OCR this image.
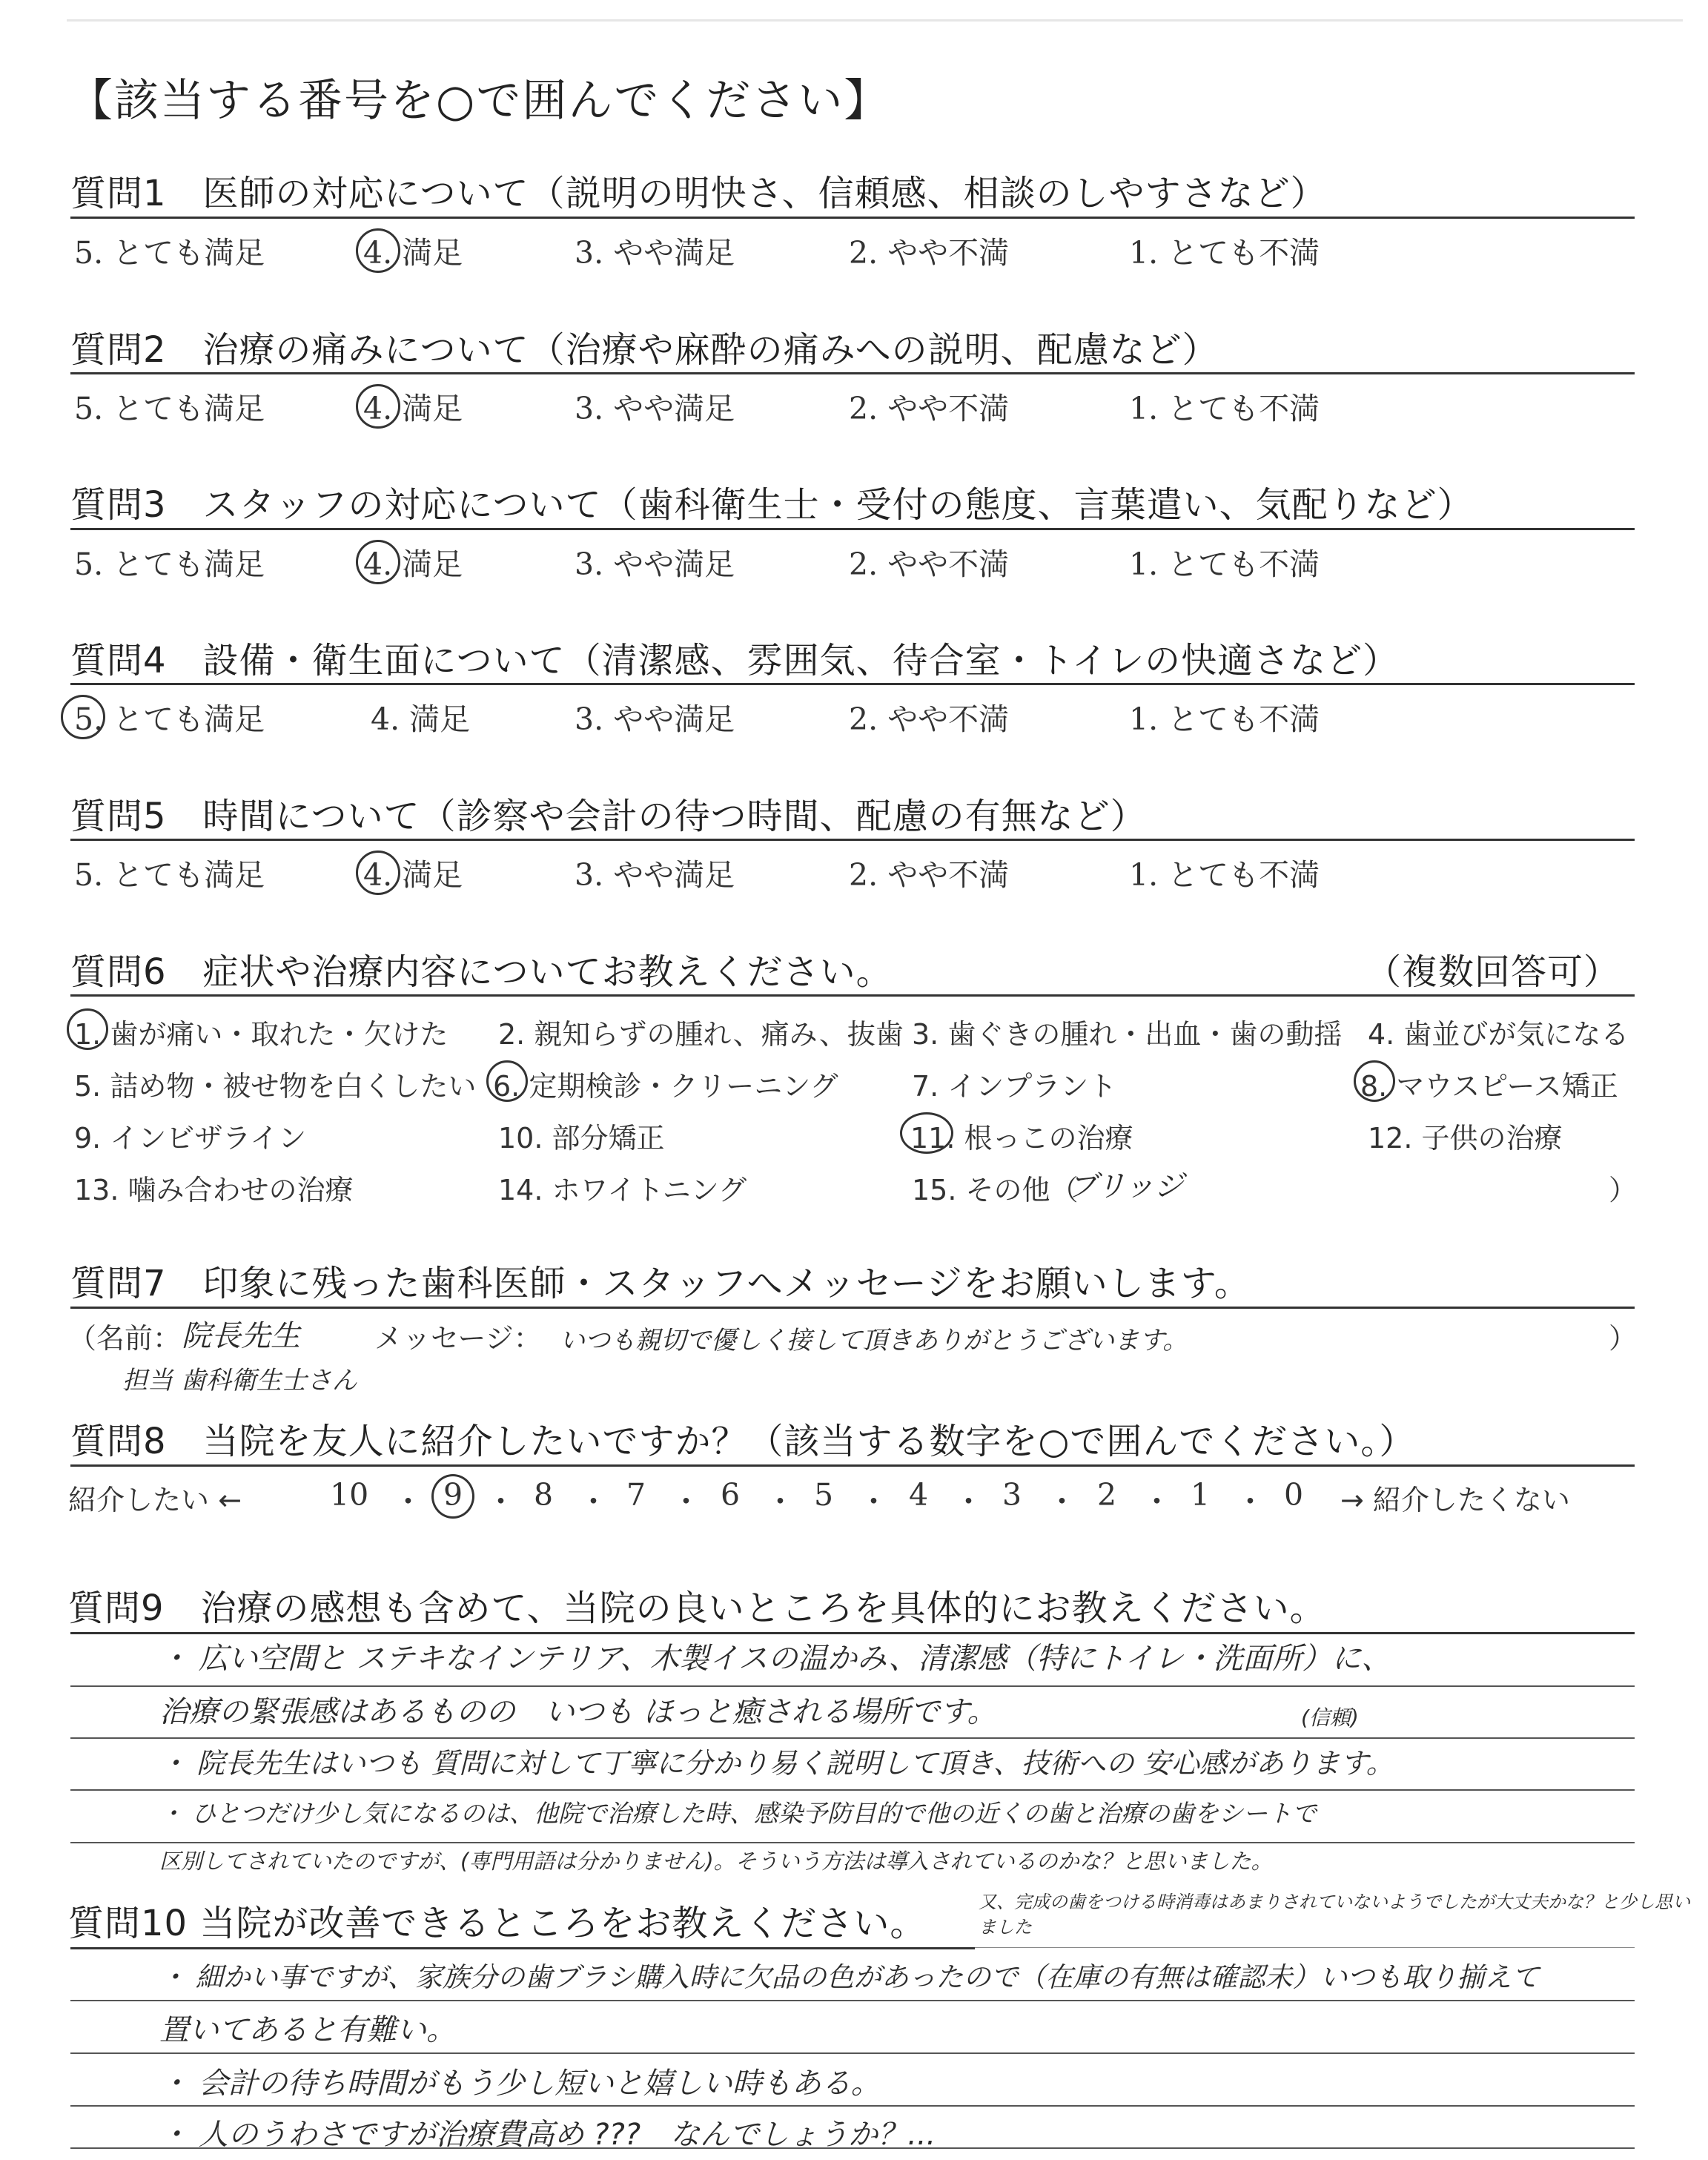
【該当する番号を○で囲んでください】
質問1　医師の対応について（説明の明快さ、信頼感、相談のしやすさなど）
5. とても満足	4. 満足	3. やや満足	2. やや不満	1. とても不満
質問2　治療の痛みについて（治療や麻酔の痛みへの説明、配慮など）
5. とても満足	4. 満足	3. やや満足	2. やや不満	1. とても不満
質問3　スタッフの対応について（歯科衛生士・受付の態度、言葉遣い、気配りなど）
5. とても満足	4. 満足	3. やや満足	2. やや不満	1. とても不満
質問4　設備・衛生面について（清潔感、雰囲気、待合室・トイレの快適さなど）
5. とても満足	4. 満足	3. やや満足	2. やや不満	1. とても不満
質問5　時間について（診察や会計の待つ時間、配慮の有無など）
5. とても満足	4. 満足	3. やや満足	2. やや不満	1. とても不満
質問6　症状や治療内容についてお教えください。	（複数回答可）
1. 歯が痛い・取れた・欠けた 2. 親知らずの腫れ、痛み、抜歯 3. 歯ぐきの腫れ・出血・歯の動揺 4. 歯並びが気になる
5. 詰め物・被せ物を白くしたい 6. 定期検診・クリーニング	7. インプラント	8. マウスピース矯正
9. インビザライン	10. 部分矯正	11. 根っこの治療	12. 子供の治療
13. 噛み合わせの治療	14. ホワイトニング	15. その他（
ブリッジ	）
質問7　印象に残った歯科医師・スタッフへメッセージをお願いします。
（名前： 院長先生
担当 歯科衛生士さん
メッセージ： いつも親切で優しく接して頂きありがとうございます。	）
質問8　当院を友人に紹介したいですか？（該当する数字を○で囲んでください。）
紹介したい ←	10 ・ 9 ・ 8 ・ 7 ・ 6 ・ 5 ・ 4 ・ 3 ・ 2 ・ 1 ・ 0 → 紹介したくない
質問9　治療の感想も含めて、当院の良いところを具体的にお教えください。
・ 広い空間と ステキなインテリア、木製イスの温かみ、清潔感（特にトイレ・洗面所）に、
治療の緊張感はあるものの　いつも ほっと癒される場所です。	(信頼)
・ 院長先生はいつも 質問に対して丁寧に分かり易く説明して頂き、技術への 安心感があります。
・ ひとつだけ少し気になるのは、他院で治療した時、感染予防目的で他の近くの歯と治療の歯をシートで
区別してされていたのですが、(専門用語は分かりません)。そういう方法は導入されているのかな？と思いました。
又、完成の歯をつける時消毒はあまりされていないようでしたが大丈夫かな？と少し思いました
質問10 当院が改善できるところをお教えください。
・ 細かい事ですが、家族分の歯ブラシ購入時に欠品の色があったので（在庫の有無は確認未）いつも取り揃えて
置いてあると有難い。
・ 会計の待ち時間がもう少し短いと嬉しい時もある。
・ 人のうわさですが治療費高め ???　なんでしょうか？...
